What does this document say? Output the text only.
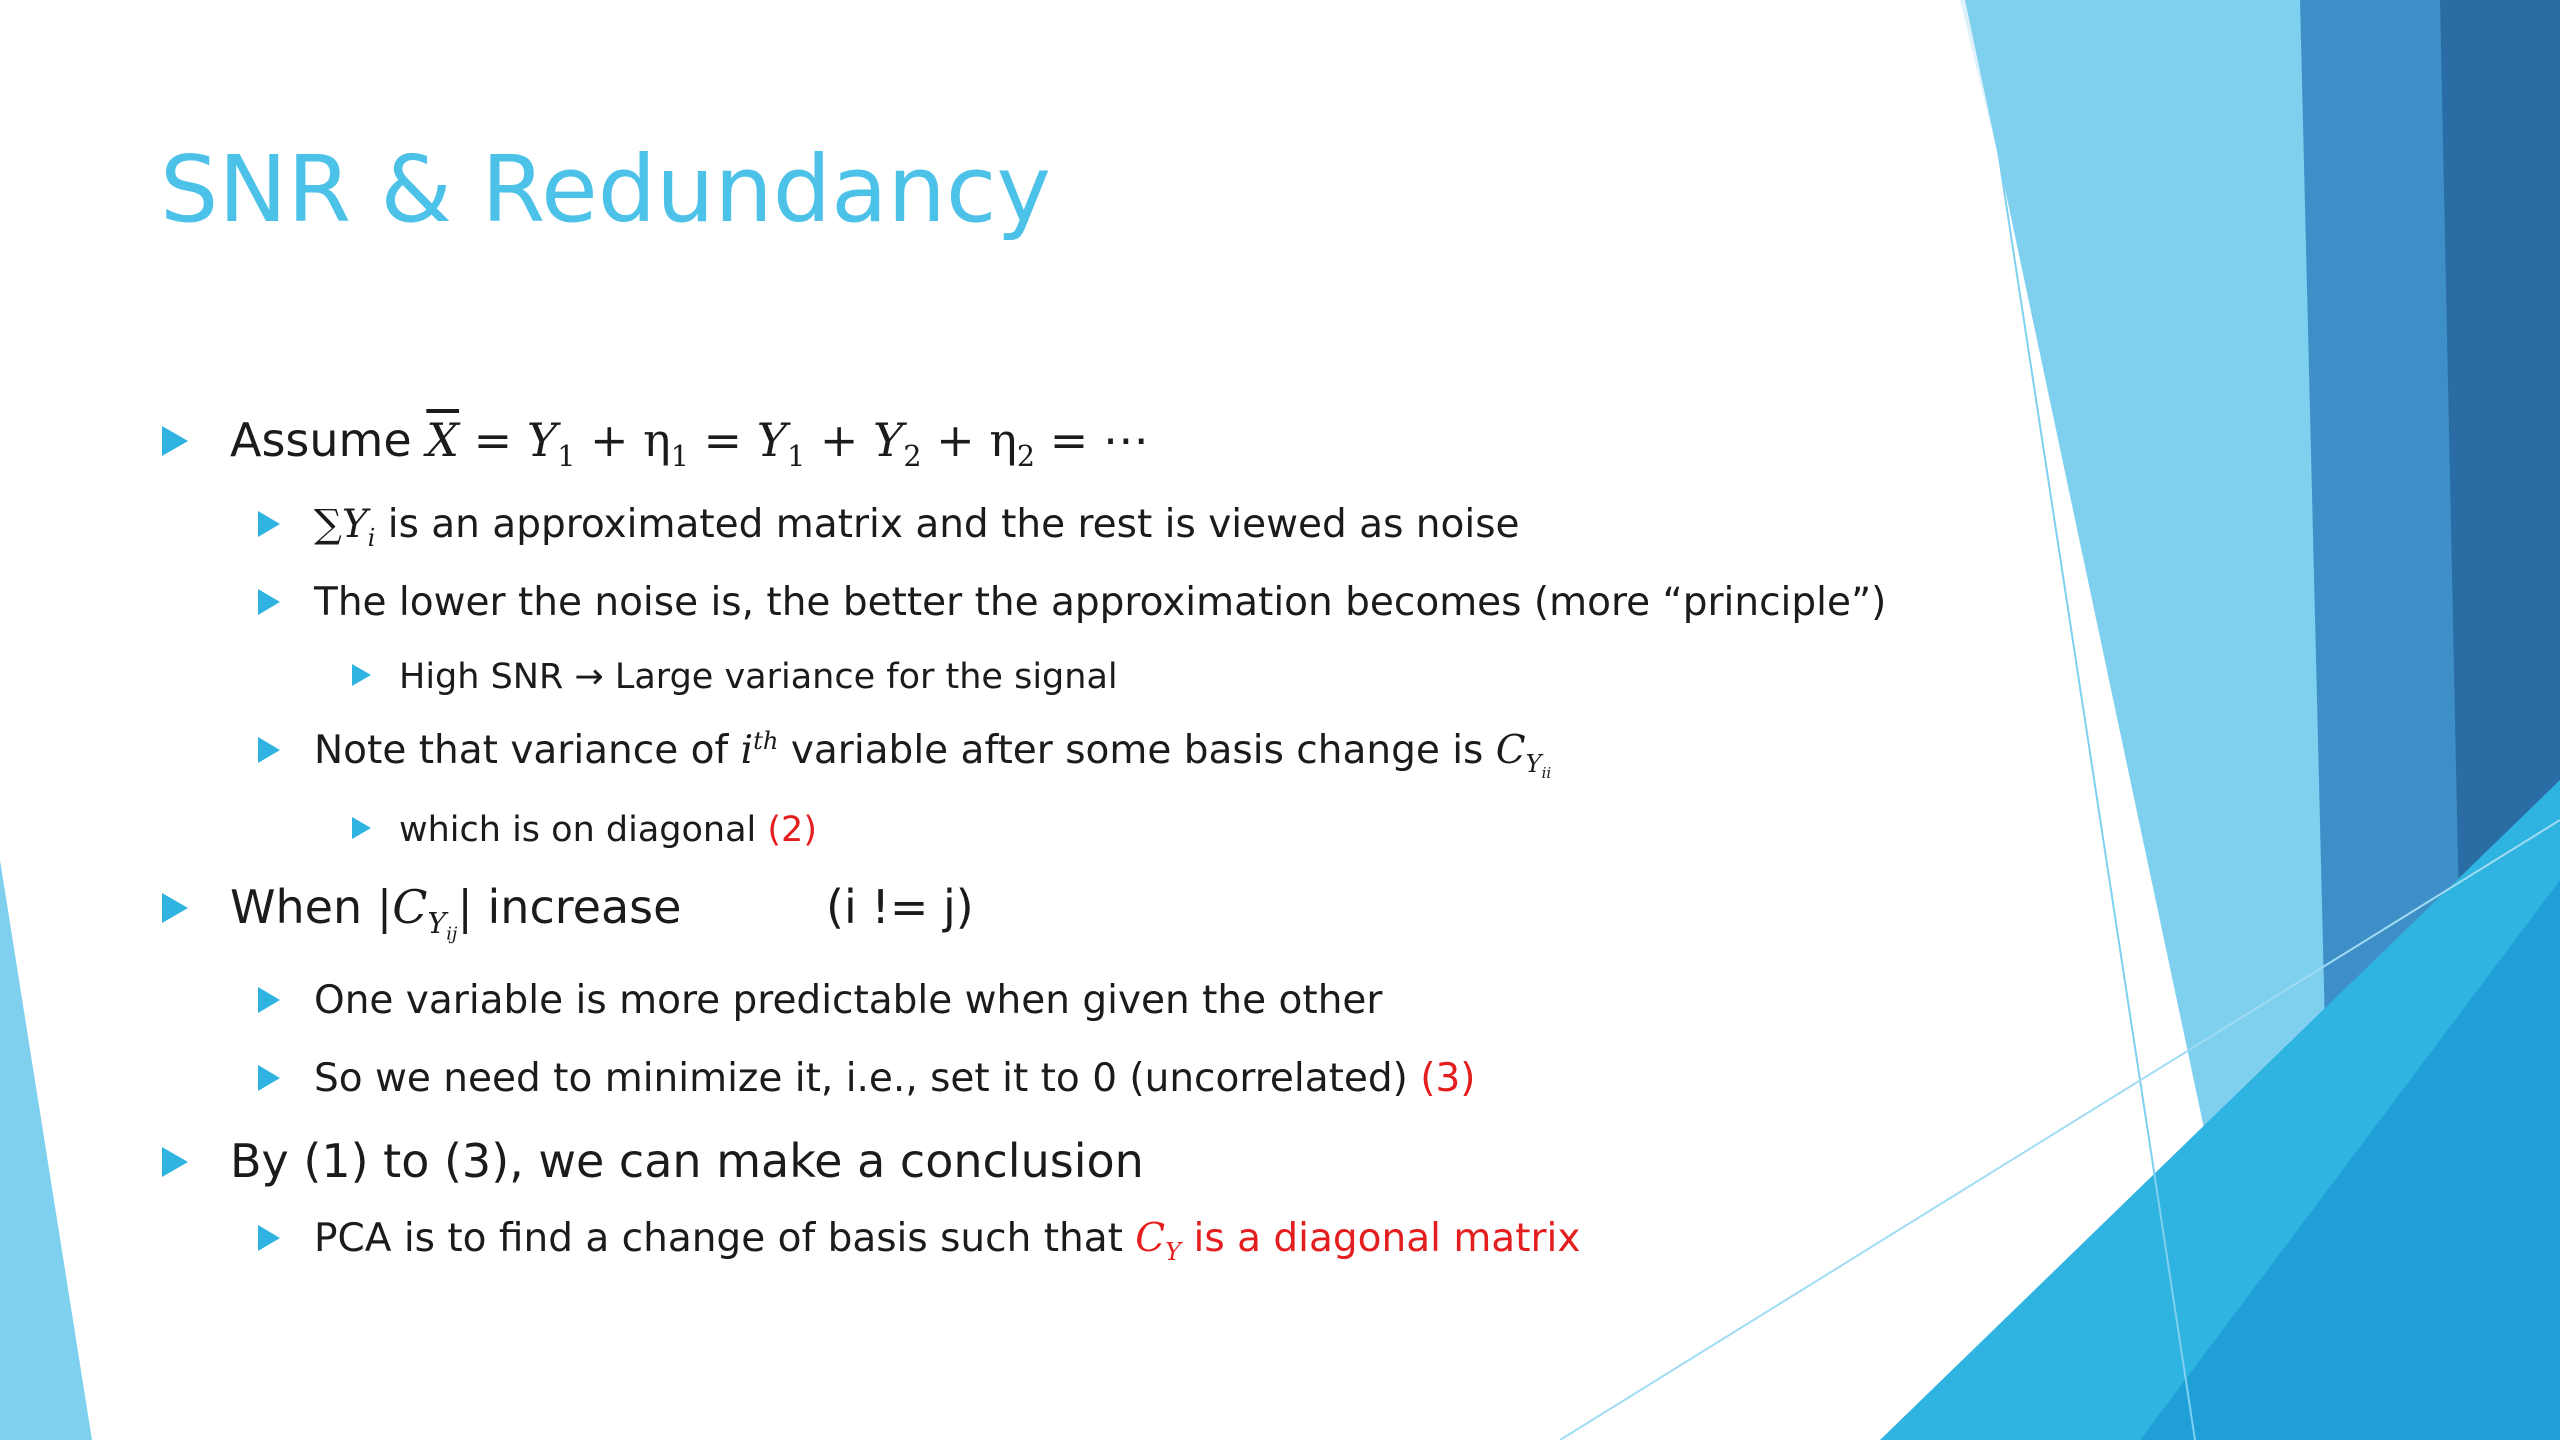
SNR & Redundancy
Assume $\overline{X} = Y_1 + \eta_1 = Y_1 + Y_2 + \eta_2$ = ⋯
$\sum Y_i$ is an approximated matrix and the rest is viewed as noise
The lower the noise is, the better the approximation becomes (more “principle”)
High SNR → Large variance for the signal
Note that variance of $i^{th}$ variable after some basis change is $C_{Y_{ii}}$
which is on diagonal (2)
When $|C_{Y_{ij}}|$ increase	(i != j)
One variable is more predictable when given the other
So we need to minimize it, i.e., set it to 0 (uncorrelated) (3)
By (1) to (3), we can make a conclusion
PCA is to find a change of basis such that $C_Y$ is a diagonal matrix
